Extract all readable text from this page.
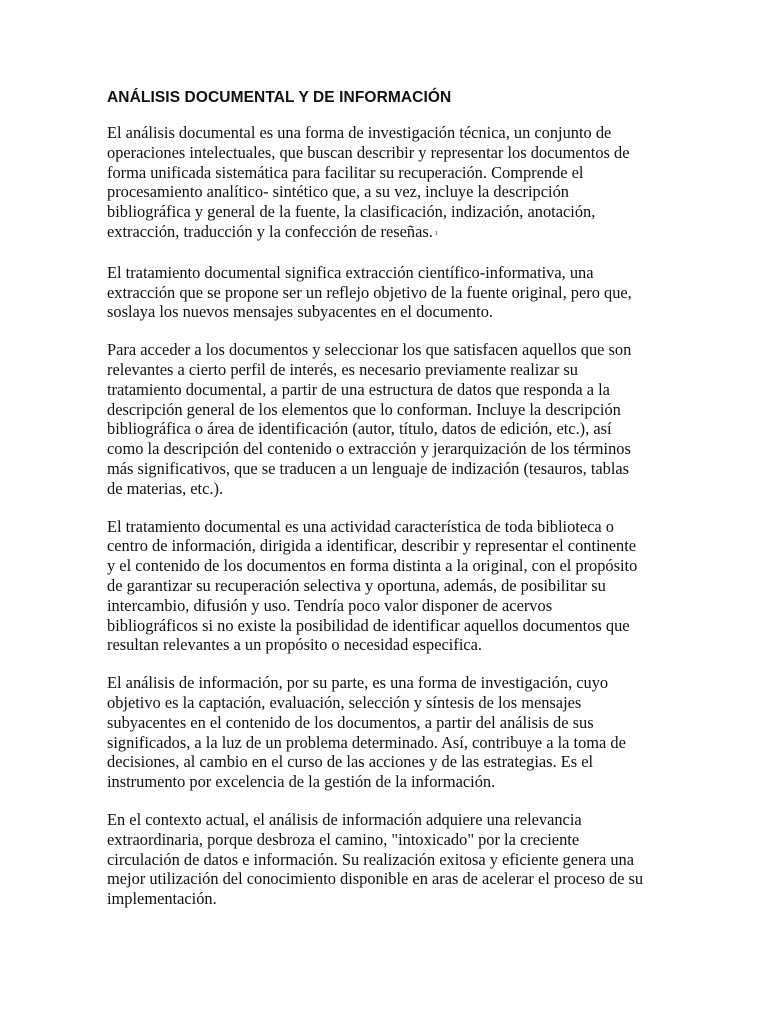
ANÁLISIS DOCUMENTAL Y DE INFORMACIÓN

El análisis documental es una forma de investigación técnica, un conjunto de
operaciones intelectuales, que buscan describir y representar los documentos de
forma unificada sistemática para facilitar su recuperación. Comprende el
procesamiento analítico- sintético que, a su vez, incluye la descripción
bibliográfica y general de la fuente, la clasificación, indización, anotación,
extracción, traducción y la confección de reseñas. $^1$

El tratamiento documental significa extracción científico-informativa, una
extracción que se propone ser un reflejo objetivo de la fuente original, pero que,
soslaya los nuevos mensajes subyacentes en el documento.

Para acceder a los documentos y seleccionar los que satisfacen aquellos que son
relevantes a cierto perfil de interés, es necesario previamente realizar su
tratamiento documental, a partir de una estructura de datos que responda a la
descripción general de los elementos que lo conforman. Incluye la descripción
bibliográfica o área de identificación (autor, título, datos de edición, etc.), así
como la descripción del contenido o extracción y jerarquización de los términos
más significativos, que se traducen a un lenguaje de indización (tesauros, tablas
de materias, etc.).

El tratamiento documental es una actividad característica de toda biblioteca o
centro de información, dirigida a identificar, describir y representar el continente
y el contenido de los documentos en forma distinta a la original, con el propósito
de garantizar su recuperación selectiva y oportuna, además, de posibilitar su
intercambio, difusión y uso. Tendría poco valor disponer de acervos
bibliográficos si no existe la posibilidad de identificar aquellos documentos que
resultan relevantes a un propósito o necesidad especifica.

El análisis de información, por su parte, es una forma de investigación, cuyo
objetivo es la captación, evaluación, selección y síntesis de los mensajes
subyacentes en el contenido de los documentos, a partir del análisis de sus
significados, a la luz de un problema determinado. Así, contribuye a la toma de
decisiones, al cambio en el curso de las acciones y de las estrategias. Es el
instrumento por excelencia de la gestión de la información.

En el contexto actual, el análisis de información adquiere una relevancia
extraordinaria, porque desbroza el camino, "intoxicado" por la creciente
circulación de datos e información. Su realización exitosa y eficiente genera una
mejor utilización del conocimiento disponible en aras de acelerar el proceso de su
implementación.
